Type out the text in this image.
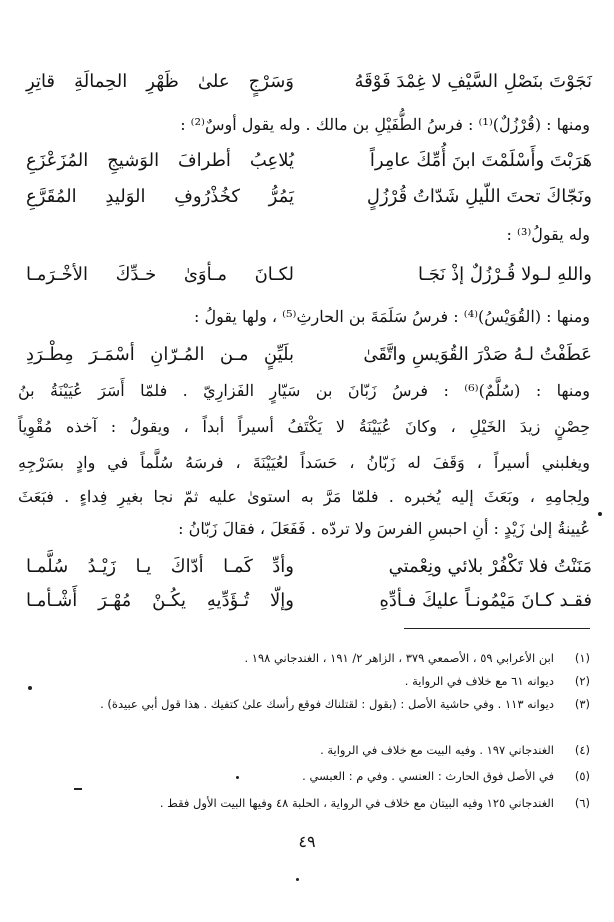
نَجَوْتَ بنَصْلِ السَّيْفِ لا غِمْدَ فَوْقَهُ
وَسَرْجٍ علىٰ ظَهْرِ الحِمالَةِ قاتِرِ
ومنها : (قُرْزُلٌ)⁽¹⁾ : فرسُ الطُّفَيْلِ بن مالك . وله يقول أوسٌ⁽²⁾ :
هَرَبْتَ وأَسْلَمْتَ ابنَ أُمِّكَ عامِراً
يُلاعِبُ أطرافَ الوَشيجِ المُزَعْزَعِ
ونَجّاكَ تحتَ اللّيلِ شَدّاتُ قُرْزُلٍ
يَمُرُّ كخُذْرُوفِ الوَليدِ المُقَرَّعِ
وله يقولُ⁽³⁾ :
واللهِ لـولا قُـرْزُلٌ إذْ نَجَـا
لكـانَ مـأوَىٰ خـدِّكَ الأخْـرَمـا
ومنها : (القُوَيْسُ)⁽⁴⁾ : فرسُ سَلَمَةَ بن الحارثِ⁽⁵⁾ ، ولها يقولُ :
عَطَفْتُ لـهُ صَدْرَ القُوَيسِ واتَّقَىٰ
بلَيِّنٍ مـن المُـرّانِ أسْمَـرَ مِطْـرَدِ
ومنها : (سُلَّمٌ)⁽⁶⁾ : فرسُ زَبّانَ بن سَيّارٍ الفَزارِيّ . فلمّا أَسَرَ عُيَيْنَةُ بنُ
حِصْنٍ زيدَ الخَيْلِ ، وكانَ عُيَيْنَةُ لا يَكْتَفُ أسيراً أبداً ، ويقولُ : آخذه مُقْوِياً
ويغلبني أسيراً ، وَقَفَ له زَبّانُ ، حَسَداً لعُيَيْنَةَ ، فرسَهُ سُلَّماً في وادٍ بسَرْجِهِ
ولِجامِهِ ، وبَعَثَ إليه يُخبره . فلمّا مَرَّ به استوىٰ عليه ثمّ نجا بغيرِ فِداءٍ . فبَعَثَ
عُيينةُ إلىٰ زَيْدٍ : أنِ احبسِ الفرسَ ولا تردّه . فَفَعَلَ ، فقالَ زَبّانُ :
مَنَنْتُ فلا تَكْفُرْ بلائي ونِعْمتي
وأدِّ كَمـا أدّاكَ يـا زَيْـدُ سُلَّمـا
فقـد كـانَ مَيْمُونـاً عليكَ فـأدِّهِ
وإلّا تُـؤَدِّيهِ يكُـنْ مُهْـرَ أَشْـأمـا
(١)
ابن الأعرابي ٥٩ ، الأصمعي ٣٧٩ ، الزاهر ٢/ ١٩١ ، الغندجاني ١٩٨ .
(٢)
ديوانه ٦١ مع خلاف في الرواية .
(٣)
ديوانه ١١٣ . وفي حاشية الأصل : (بقول : لقتلناك فوقع رأسك علىٰ كتفيك . هذا قول أبي عبيدة) .
(٤)
الغندجاني ١٩٧ . وفيه البيت مع خلاف في الرواية .
(٥)
في الأصل فوق الحارث : العنسي . وفي م : العبسي .
(٦)
الغندجاني ١٢٥ وفيه البيتان مع خلاف في الرواية ، الحلبة ٤٨ وفيها البيت الأول فقط .
٤٩
